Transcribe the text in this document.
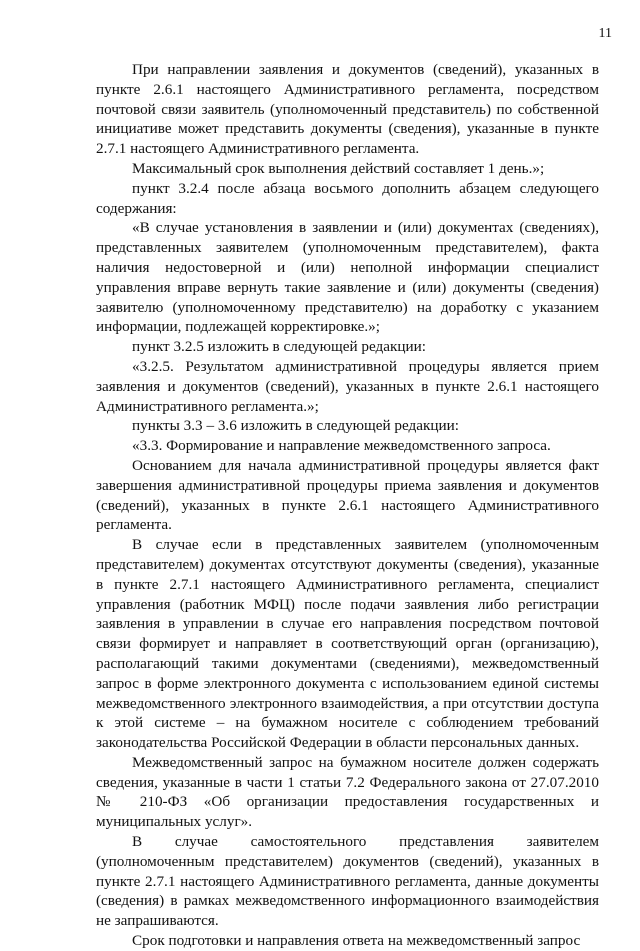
11

При направлении заявления и документов (сведений), указанных в пункте 2.6.1 настоящего Административного регламента, посредством почтовой связи заявитель (уполномоченный представитель) по собственной инициативе может представить документы (сведения), указанные в пункте 2.7.1 настоящего Административного регламента.

Максимальный срок выполнения действий составляет 1 день.»;

пункт 3.2.4 после абзаца восьмого дополнить абзацем следующего содержания:

«В случае установления в заявлении и (или) документах (сведениях), представленных заявителем (уполномоченным представителем), факта наличия недостоверной и (или) неполной информации специалист управления вправе вернуть такие заявление и (или) документы (сведения) заявителю (уполномоченному представителю) на доработку с указанием информации, подлежащей корректировке.»;

пункт 3.2.5 изложить в следующей редакции:

«3.2.5. Результатом административной процедуры является прием заявления и документов (сведений), указанных в пункте 2.6.1 настоящего Административного регламента.»;

пункты 3.3 – 3.6 изложить в следующей редакции:

«3.3. Формирование и направление межведомственного запроса.

Основанием для начала административной процедуры является факт завершения административной процедуры приема заявления и документов (сведений), указанных в пункте 2.6.1 настоящего Административного регламента.

В случае если в представленных заявителем (уполномоченным представителем) документах отсутствуют документы (сведения), указанные в пункте 2.7.1 настоящего Административного регламента, специалист управления (работник МФЦ) после подачи заявления либо регистрации заявления в управлении в случае его направления посредством почтовой связи формирует и направляет в соответствующий орган (организацию), располагающий такими документами (сведениями), межведомственный запрос в форме электронного документа с использованием единой системы межведомственного электронного взаимодействия, а при отсутствии доступа к этой системе – на бумажном носителе с соблюдением требований законодательства Российской Федерации в области персональных данных.

Межведомственный запрос на бумажном носителе должен содержать сведения, указанные в части 1 статьи 7.2 Федерального закона от 27.07.2010 № 210-ФЗ «Об организации предоставления государственных и муниципальных услуг».

В случае самостоятельного представления заявителем (уполномоченным представителем) документов (сведений), указанных в пункте 2.7.1 настоящего Административного регламента, данные документы (сведения) в рамках межведомственного информационного взаимодействия не запрашиваются.

Срок подготовки и направления ответа на межведомственный запрос
